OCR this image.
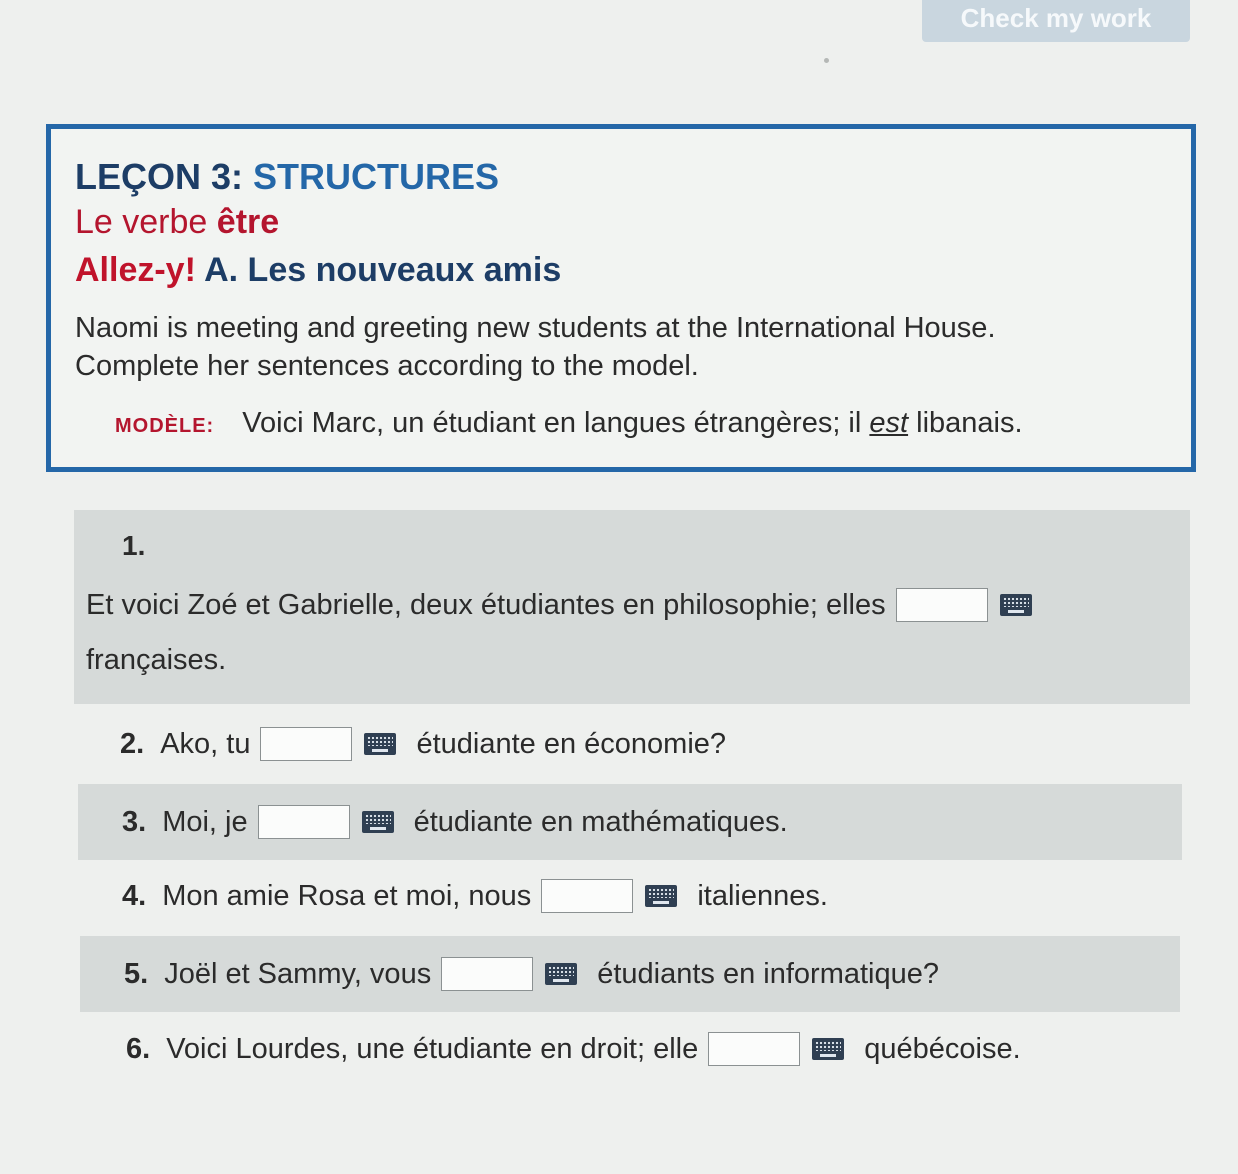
Check my work
LEÇON 3: STRUCTURES
Le verbe être
Allez-y! A. Les nouveaux amis
Naomi is meeting and greeting new students at the International House.
Complete her sentences according to the model.
MODÈLE: Voici Marc, un étudiant en langues étrangères; il est libanais.
1.
Et voici Zoé et Gabrielle, deux étudiantes en philosophie; elles
françaises.
2. Ako, tu	étudiante en économie?
3. Moi, je	étudiante en mathématiques.
4. Mon amie Rosa et moi, nous	italiennes.
5. Joël et Sammy, vous	étudiants en informatique?
6. Voici Lourdes, une étudiante en droit; elle	québécoise.
